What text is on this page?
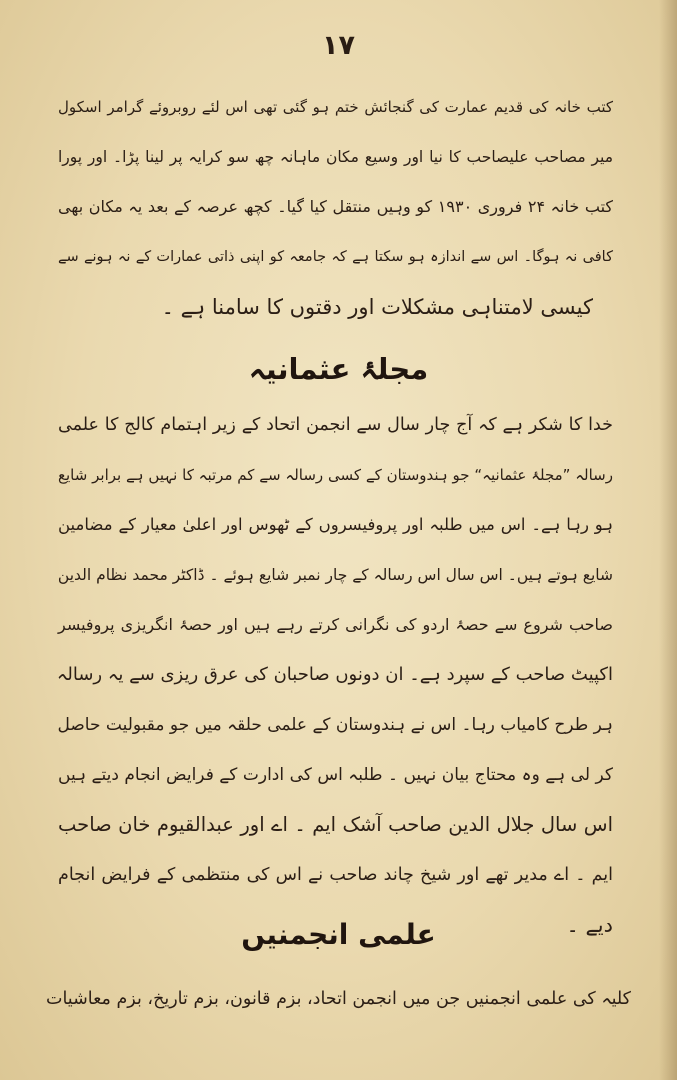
۱۷
کتب خانہ کی قدیم عمارت کی گنجائش ختم ہو گئی تھی اس لئے روبروئے گرامر اسکول
میر مصاحب علیصاحب کا نیا اور وسیع مکان ماہانہ چھ سو کرایہ پر لینا پڑا۔ اور پورا
کتب خانہ ۲۴ فروری ۱۹۳۰ کو وہیں منتقل کیا گیا۔ کچھ عرصہ کے بعد یہ مکان بھی
کافی نہ ہوگا۔ اس سے اندازہ ہو سکتا ہے کہ جامعہ کو اپنی ذاتی عمارات کے نہ ہونے سے
کیسی لامتناہی مشکلات اور دقتوں کا سامنا ہے ۔
مجلۂ عثمانیہ
خدا کا شکر ہے کہ آج چار سال سے انجمن اتحاد کے زیر اہتمام کالج کا علمی
رسالہ ”مجلۂ عثمانیہ“ جو ہندوستان کے کسی رسالہ سے کم مرتبہ کا نہیں ہے برابر شایع
ہو رہا ہے۔ اس میں طلبہ اور پروفیسروں کے ٹھوس اور اعلیٰ معیار کے مضامین
شایع ہوتے ہیں۔ اس سال اس رسالہ کے چار نمبر شایع ہوئے ۔ ڈاکٹر محمد نظام الدین
صاحب شروع سے حصۂ اردو کی نگرانی کرتے رہے ہیں اور حصۂ انگریزی پروفیسر
اکپیٹ صاحب کے سپرد ہے۔ ان دونوں صاحبان کی عرق ریزی سے یہ رسالہ
ہر طرح کامیاب رہا۔ اس نے ہندوستان کے علمی حلقہ میں جو مقبولیت حاصل
کر لی ہے وہ محتاج بیان نہیں ۔ طلبہ اس کی ادارت کے فرایض انجام دیتے ہیں
اس سال جلال الدین صاحب آشک ایم ۔ اے اور عبدالقیوم خان صاحب
ایم ۔ اے مدیر تھے اور شیخ چاند صاحب نے اس کی منتظمی کے فرایض انجام
دیے ۔
علمی انجمنیں
کلیہ کی علمی انجمنیں جن میں انجمن اتحاد، بزم قانون، بزم تاریخ، بزم معاشیات
